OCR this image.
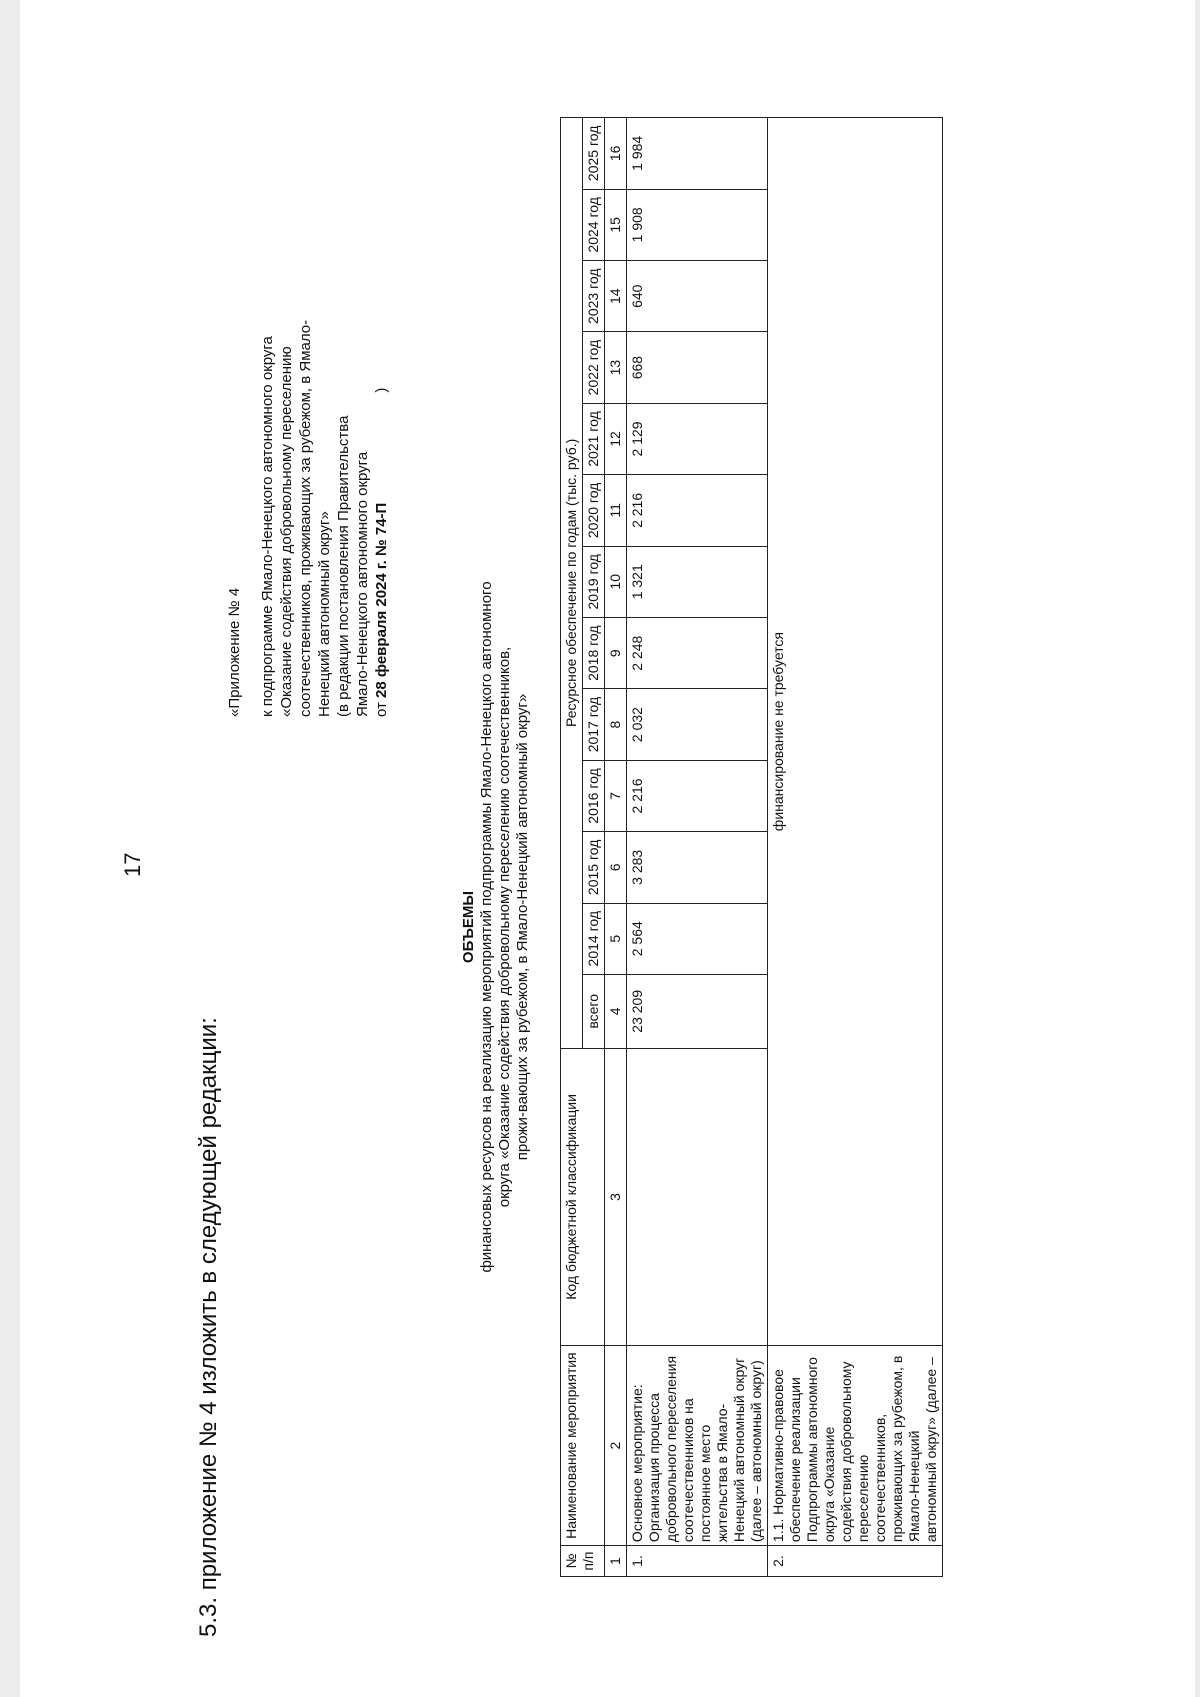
17
5.3. приложение № 4 изложить в следующей редакции:
«Приложение № 4 к подпрограмме Ямало-Ненецкого автономного округа «Оказание содействия добровольному переселению соотечественников, проживающих за рубежом, в Ямало- Ненецкий автономный округ» (в редакции постановления Правительства Ямало-Ненецкого автономного округа от 28 февраля 2024 г. № 74-П)
ОБЪЕМЫ финансовых ресурсов на реализацию мероприятий подпрограммы Ямало-Ненецкого автономного округа «Оказание содействия добровольному переселению соотечественников, прожи-вающих за рубежом, в Ямало-Ненецкий автономный округ»
№ п/п	Наименование мероприятия	Код бюджетной классификации	Ресурсное обеспечение по годам (тыс. руб.)												
			всего	2014 год	2015 год	2016 год	2017 год	2018 год	2019 год	2020 год	2021 год	2022 год	2023 год	2024 год	2025 год
1	2	3	4	5	6	7	8	9	10	11	12	13	14	15	16
1.	Основное мероприятие: Организация процесса добровольного переселения соотечественников на постоянное место жительства в Ямало-Ненецкий автономный округ (далее – автономный округ)		23 209	2 564	3 283	2 216	2 032	2 248	1 321	2 216	2 129	668	640	1 908	1 984
2.	1.1. Нормативно-правовое обеспечение реализации Подпрограммы автономного округа «Оказание содействия добровольному переселению соотечественников, проживающих за рубежом, в Ямало-Ненецкий автономный округ» (далее –	финансирование не требуется													
